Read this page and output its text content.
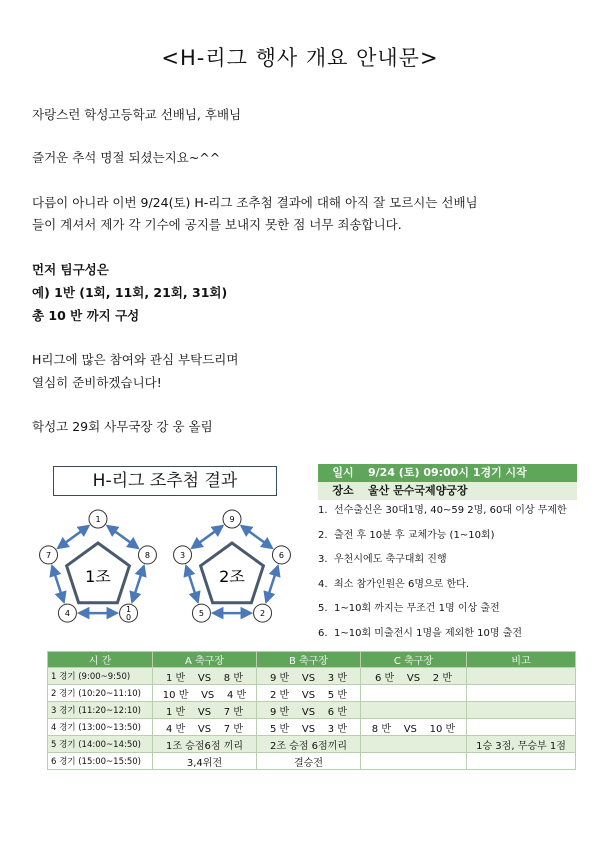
<H-리그 행사 개요 안내문>
자랑스런 학성고등학교 선배님, 후배님
즐거운 추석 명절 되셨는지요~^^
다름이 아니라 이번 9/24(토) H-리그 조추첨 결과에 대해 아직 잘 모르시는 선배님
들이 계셔서 제가 각 기수에 공지를 보내지 못한 점 너무 죄송합니다.
먼저 팀구성은
예) 1반 (1회, 11회, 21회, 31회)
총 10 반 까지 구성
H리그에 많은 참여와 관심 부탁드리며
열심히 준비하겠습니다!
학성고 29회 사무국장 강 웅 올림
H-리그 조추첨 결과
1조
1
8
1 0
4
7
2조
9
6
2
5
3
일시	9/24 (토) 09:00시 1경기 시작
장소	울산 문수국제양궁장
1. 선수출신은 30대1명, 40~59 2명, 60대 이상 무제한
2. 출전 후 10분 후 교체가능 (1~10회)
3. 우천시에도 축구대회 진행
4. 최소 참가인원은 6명으로 한다.
5. 1~10회 까지는 무조건 1명 이상 출전
6. 1~10회 미출전시 1명을 제외한 10명 출전
시 간	A 축구장	B 축구장	C 축구장	비고
1 경기 (9:00~9:50)	1 반    VS    8 반	9 반    VS    3 반	6 반    VS    2 반	
2 경기 (10:20~11:10)	10 반    VS    4 반	2 반    VS    5 반		
3 경기 (11:20~12:10)	1 반    VS    7 반	9 반    VS    6 반		
4 경기 (13:00~13:50)	4 반    VS    7 반	5 반    VS    3 반	8 반    VS    10 반	
5 경기 (14:00~14:50)	1조 승점6점 끼리	2조 승점 6점끼리		1승 3점, 무승부 1점
6 경기 (15:00~15:50)	3,4위전	결승전		
